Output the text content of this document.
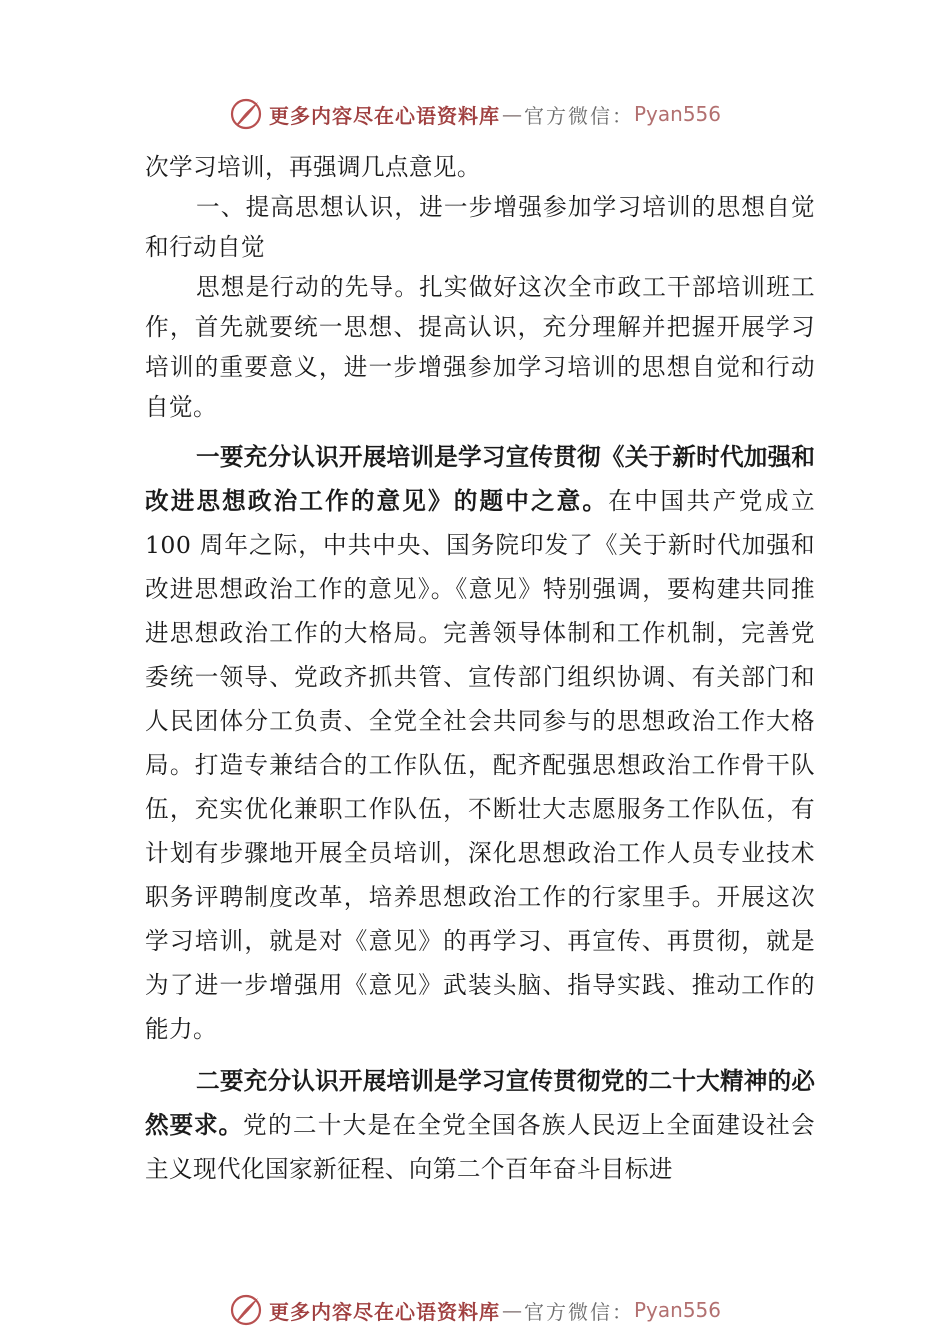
更多内容尽在心语资料库 — 官方微信： Pyan556

次学习培训，再强调几点意见。

一、提高思想认识，进一步增强参加学习培训的思想自觉和行动自觉

思想是行动的先导。扎实做好这次全市政工干部培训班工作，首先就要统一思想、提高认识，充分理解并把握开展学习培训的重要意义，进一步增强参加学习培训的思想自觉和行动自觉。

一要充分认识开展培训是学习宣传贯彻《关于新时代加强和改进思想政治工作的意见》的题中之意。在中国共产党成立 100 周年之际，中共中央、国务院印发了《关于新时代加强和改进思想政治工作的意见》。《意见》特别强调，要构建共同推进思想政治工作的大格局。完善领导体制和工作机制，完善党委统一领导、党政齐抓共管、宣传部门组织协调、有关部门和人民团体分工负责、全党全社会共同参与的思想政治工作大格局。打造专兼结合的工作队伍，配齐配强思想政治工作骨干队伍，充实优化兼职工作队伍，不断壮大志愿服务工作队伍，有计划有步骤地开展全员培训，深化思想政治工作人员专业技术职务评聘制度改革，培养思想政治工作的行家里手。开展这次学习培训，就是对《意见》的再学习、再宣传、再贯彻，就是为了进一步增强用《意见》武装头脑、指导实践、推动工作的能力。

二要充分认识开展培训是学习宣传贯彻党的二十大精神的必然要求。党的二十大是在全党全国各族人民迈上全面建设社会主义现代化国家新征程、向第二个百年奋斗目标进

更多内容尽在心语资料库 — 官方微信： Pyan556
